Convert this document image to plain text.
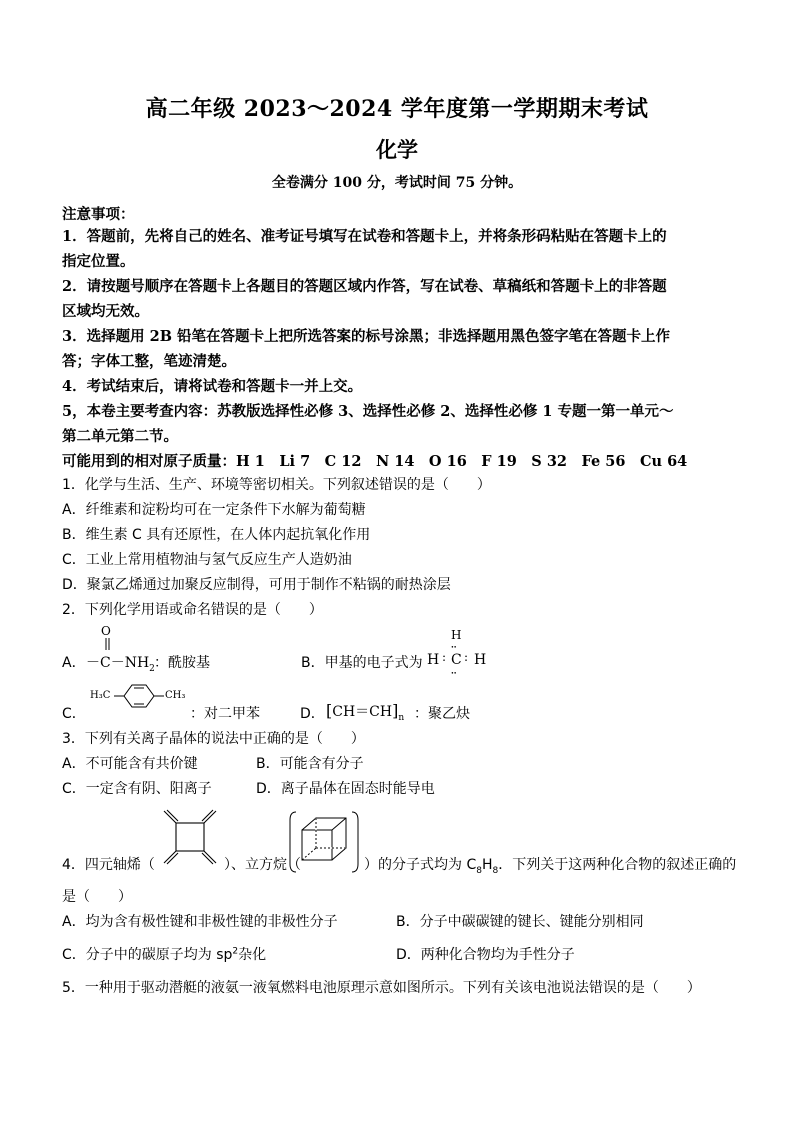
高二年级 2023～2024 学年度第一学期期末考试
化学
全卷满分 100 分，考试时间 75 分钟。
注意事项：
1．答题前，先将自己的姓名、准考证号填写在试卷和答题卡上，并将条形码粘贴在答题卡上的
指定位置。
2．请按题号顺序在答题卡上各题目的答题区域内作答，写在试卷、草稿纸和答题卡上的非答题
区域均无效。
3．选择题用 2B 铅笔在答题卡上把所选答案的标号涂黑；非选择题用黑色签字笔在答题卡上作
答；字体工整，笔迹清楚。
4．考试结束后，请将试卷和答题卡一并上交。
5，本卷主要考查内容：苏教版选择性必修 3、选择性必修 2、选择性必修 1 专题一第一单元～
第二单元第二节。
可能用到的相对原子质量：H 1　Li 7　C 12　N 14　O 16　F 19　S 32　Fe 56　Cu 64
1．化学与生活、生产、环境等密切相关。下列叙述错误的是（　　）
A．纤维素和淀粉均可在一定条件下水解为葡萄糖
B．维生素 C 具有还原性，在人体内起抗氧化作用
C．工业上常用植物油与氢气反应生产人造奶油
D．聚氯乙烯通过加聚反应制得，可用于制作不粘锅的耐热涂层
2．下列化学用语或命名错误的是（　　）
A．
O
$-C-NH_2$ ：酰胺基	B．甲基的电子式为
H
ꞏꞏ
H : C : H
ꞏꞏ
C．
H₃C	CH₃
：对二甲苯	D． $[CH=CH]_n$ ：聚乙炔
3．下列有关离子晶体的说法中正确的是（　　）
A．不可能含有共价键	B．可能含有分子
C．一定含有阴、阳离子	D．离子晶体在固态时能导电
4．四元轴烯（	）、立方烷（	）的分子式均为 $C_8H_8$．下列关于这两种化合物的叙述正确的
是（　　）
A．均为含有极性键和非极性键的非极性分子	B．分子中碳碳键的键长、键能分别相同
C．分子中的碳原子均为 $sp^2$杂化	D．两种化合物均为手性分子
5．一种用于驱动潜艇的液氨一液氧燃料电池原理示意如图所示。下列有关该电池说法错误的是（　　）
